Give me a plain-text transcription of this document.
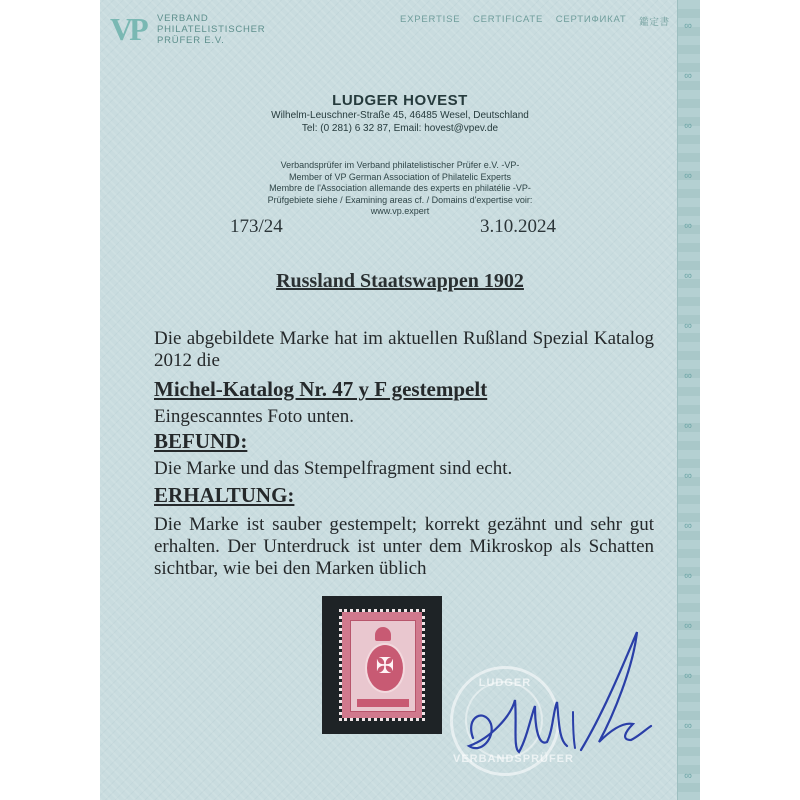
VP	VERBAND
PHILATELISTISCHER
PRÜFER E.V.
EXPERTISE CERTIFICATE СЕРТИФИКАТ 鑑定書
LUDGER HOVEST
Wilhelm-Leuschner-Straße 45, 46485 Wesel, Deutschland
Tel: (0 281) 6 32 87, Email: hovest@vpev.de
Verbandsprüfer im Verband philatelistischer Prüfer e.V. -VP-
Member of VP German Association of Philatelic Experts
Membre de l'Association allemande des experts en philatélie -VP-
Prüfgebiete siehe / Examining areas cf. / Domains d'expertise voir:
www.vp.expert
173/24	3.10.2024
Russland Staatswappen 1902
Die abgebildete Marke hat im aktuellen Rußland Spezial Katalog 2012 die
Michel-Katalog Nr. 47 y F gestempelt
Eingescanntes Foto unten.
BEFUND:
Die Marke und das Stempelfragment sind echt.
ERHALTUNG:
Die Marke ist sauber gestempelt; korrekt gezähnt und sehr gut erhalten. Der Unterdruck ist unter dem Mikroskop als Schatten sichtbar, wie bei den Marken üblich
✠
LUDGER
VERBANDSPRÜFER
∞
∞
∞
∞
∞
∞
∞
∞
∞
∞
∞
∞
∞
∞
∞
∞
